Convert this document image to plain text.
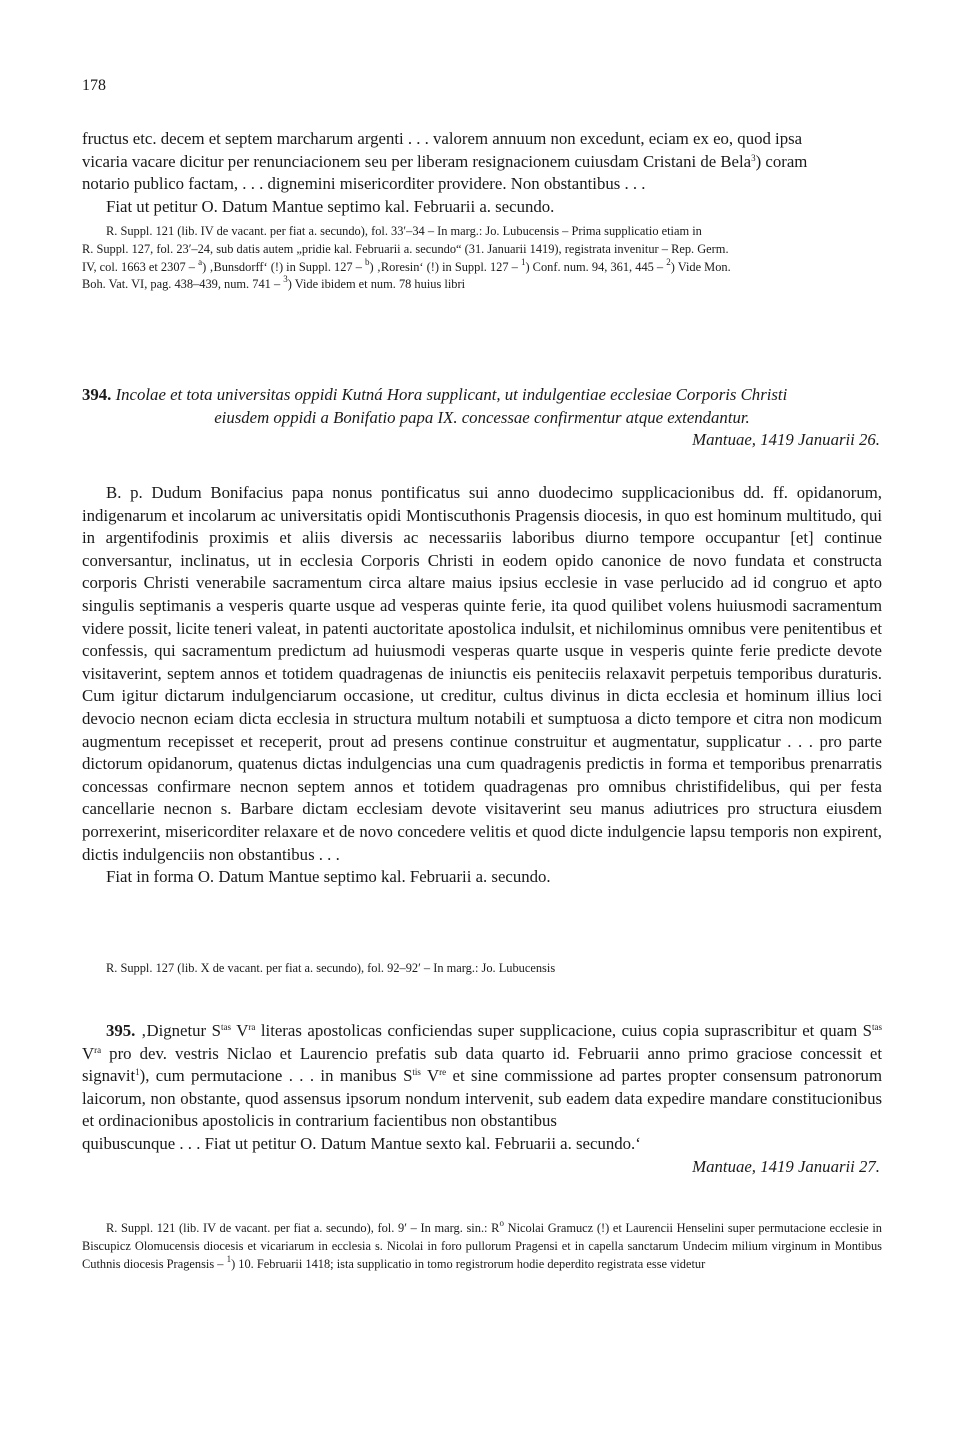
178

fructus etc. decem et septem marcharum argenti . . . valorem annuum non excedunt, eciam ex eo, quod ipsa

vicaria vacare dicitur per renunciacionem seu per liberam resignacionem cuiusdam Cristani de Bela$^3$) coram

notario publico factam, . . . dignemini misericorditer providere. Non obstantibus . . .

Fiat ut petitur O. Datum Mantue septimo kal. Februarii a. secundo.

R. Suppl. 121 (lib. IV de vacant. per fiat a. secundo), fol. 33′–34 – In marg.: Jo. Lubucensis – Prima supplicatio etiam in

R. Suppl. 127, fol. 23′–24, sub datis autem „pridie kal. Februarii a. secundo“ (31. Januarii 1419), registrata invenitur – Rep. Germ.

IV, col. 1663 et 2307 – $^a$) ‚Bunsdorff‘ (!) in Suppl. 127 – $^b$) ‚Roresin‘ (!) in Suppl. 127 – $^1$) Conf. num. 94, 361, 445 – $^2$) Vide Mon.

Boh. Vat. VI, pag. 438–439, num. 741 – $^3$) Vide ibidem et num. 78 huius libri

394. Incolae et tota universitas oppidi Kutná Hora supplicant, ut indulgentiae ecclesiae Corporis Christi
eiusdem oppidi a Bonifatio papa IX. concessae confirmentur atque extendantur.
Mantuae, 1419 Januarii 26.

B. p. Dudum Bonifacius papa nonus pontificatus sui anno duodecimo supplicacionibus dd. ff. opidanorum, indigenarum et incolarum ac universitatis opidi Montiscuthonis Pragensis diocesis, in quo est hominum multitudo, qui in argentifodinis proximis et aliis diversis ac necessariis laboribus diurno tempore occupantur [et] continue conversantur, inclinatus, ut in ecclesia Corporis Christi in eodem opido canonice de novo fundata et constructa corporis Christi venerabile sacramentum circa altare maius ipsius ecclesie in vase perlucido ad id congruo et apto singulis septimanis a vesperis quarte usque ad vesperas quinte ferie, ita quod quilibet volens huiusmodi sacramentum videre possit, licite teneri valeat, in patenti auctoritate apostolica indulsit, et nichilominus omnibus vere penitentibus et confessis, qui sacramentum predictum ad huiusmodi vesperas quarte usque in vesperis quinte ferie predicte devote visitaverint, septem annos et totidem quadragenas de iniunctis eis peniteciis relaxavit perpetuis temporibus duraturis. Cum igitur dictarum indulgenciarum occasione, ut creditur, cultus divinus in dicta ecclesia et hominum illius loci devocio necnon eciam dicta ecclesia in structura multum notabili et sumptuosa a dicto tempore et citra non modicum augmentum recepisset et receperit, prout ad presens continue construitur et augmentatur, supplicatur . . . pro parte dictorum opidanorum, quatenus dictas indulgencias una cum quadragenis predictis in forma et temporibus prenarratis concessas confirmare necnon septem annos et totidem quadragenas pro omnibus christifidelibus, qui per festa cancellarie necnon s. Barbare dictam ecclesiam devote visitaverint seu manus adiutrices pro structura eiusdem porrexerint, misericorditer relaxare et de novo concedere velitis et quod dicte indulgencie lapsu temporis non expirent, dictis indulgenciis non obstantibus . . .

Fiat in forma O. Datum Mantue septimo kal. Februarii a. secundo.

R. Suppl. 127 (lib. X de vacant. per fiat a. secundo), fol. 92–92′ – In marg.: Jo. Lubucensis

395. ‚Dignetur $S^{tas}$ $V^{ra}$ literas apostolicas conficiendas super supplicacione, cuius copia suprascribitur et quam $S^{tas}$ $V^{ra}$ pro dev. vestris Niclao et Laurencio prefatis sub data quarto id. Februarii anno primo graciose concessit et signavit$^1$), cum permutacione . . . in manibus $S^{tis}$ Vre et sine commissione ad partes propter consensum patronorum laicorum, non obstante, quod assensus ipsorum nondum intervenit, sub eadem data expedire mandare constitucionibus et ordinacionibus apostolicis in contrarium facientibus non obstantibus

quibuscunque . . . Fiat ut petitur O. Datum Mantue sexto kal. Februarii a. secundo.‘

Mantuae, 1419 Januarii 27.

R. Suppl. 121 (lib. IV de vacant. per fiat a. secundo), fol. 9′ – In marg. sin.: $R^o$ Nicolai Gramucz (!) et Laurencii Henselini super permutacione ecclesie in Biscupicz Olomucensis diocesis et vicariarum in ecclesia s. Nicolai in foro pullorum Pragensi et in capella sanctarum Undecim milium virginum in Montibus Cuthnis diocesis Pragensis – $^1$) 10. Februarii 1418; ista supplicatio in tomo registrorum hodie deperdito registrata esse videtur
